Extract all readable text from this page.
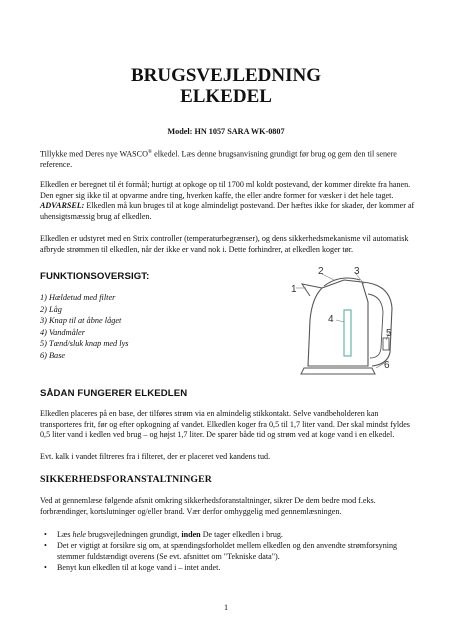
BRUGSVEJLEDNING
ELKEDEL

Model: HN 1057 SARA WK-0807

Tillykke med Deres nye WASCO® elkedel. Læs denne brugsanvisning grundigt før brug og gem den til senere reference.

Elkedlen er beregnet til ét formål; hurtigt at opkoge op til 1700 ml koldt postevand, der kommer direkte fra hanen. Den egner sig ikke til at opvarme andre ting, hverken kaffe, the eller andre former for væsker i det hele taget. ADVARSEL: Elkedlen må kun bruges til at koge almindeligt postevand. Der hæftes ikke for skader, der kommer af uhensigtsmæssig brug af elkedlen.

Elkedlen er udstyret med en Strix controller (temperaturbegrænser), og dens sikkerhedsmekanisme vil automatisk afbryde strømmen til elkedlen, når der ikke er vand nok i. Dette forhindrer, at elkedlen koger tør.

FUNKTIONSOVERSIGT:
1) Hældetud med filter
2) Låg
3) Knap til at åbne låget
4) Vandmåler
5) Tænd/sluk knap med lys
6) Base
1
2	3
4
5
6
SÅDAN FUNGERER ELKEDLEN

Elkedlen placeres på en base, der tilføres strøm via en almindelig stikkontakt. Selve vandbeholderen kan transporteres frit, før og efter opkogning af vandet. Elkedlen koger fra 0,5 til 1,7 liter vand. Der skal mindst fyldes 0,5 liter vand i kedlen ved brug – og højst 1,7 liter. De sparer både tid og strøm ved at koge vand i en elkedel.

Evt. kalk i vandet filtreres fra i filteret, der er placeret ved kandens tud.

SIKKERHEDSFORANSTALTNINGER

Ved at gennemlæse følgende afsnit omkring sikkerhedsforanstaltninger, sikrer De dem bedre mod f.eks. forbrændinger, kortslutninger og/eller brand. Vær derfor omhyggelig med gennemlæsningen.

• Læs hele brugsvejledningen grundigt, inden De tager elkedlen i brug.
• Det er vigtigt at forsikre sig om, at spændingsforholdet mellem elkedlen og den anvendte strømforsyning stemmer fuldstændigt overens (Se evt. afsnittet om "Tekniske data").
• Benyt kun elkedlen til at koge vand i – intet andet.

1
